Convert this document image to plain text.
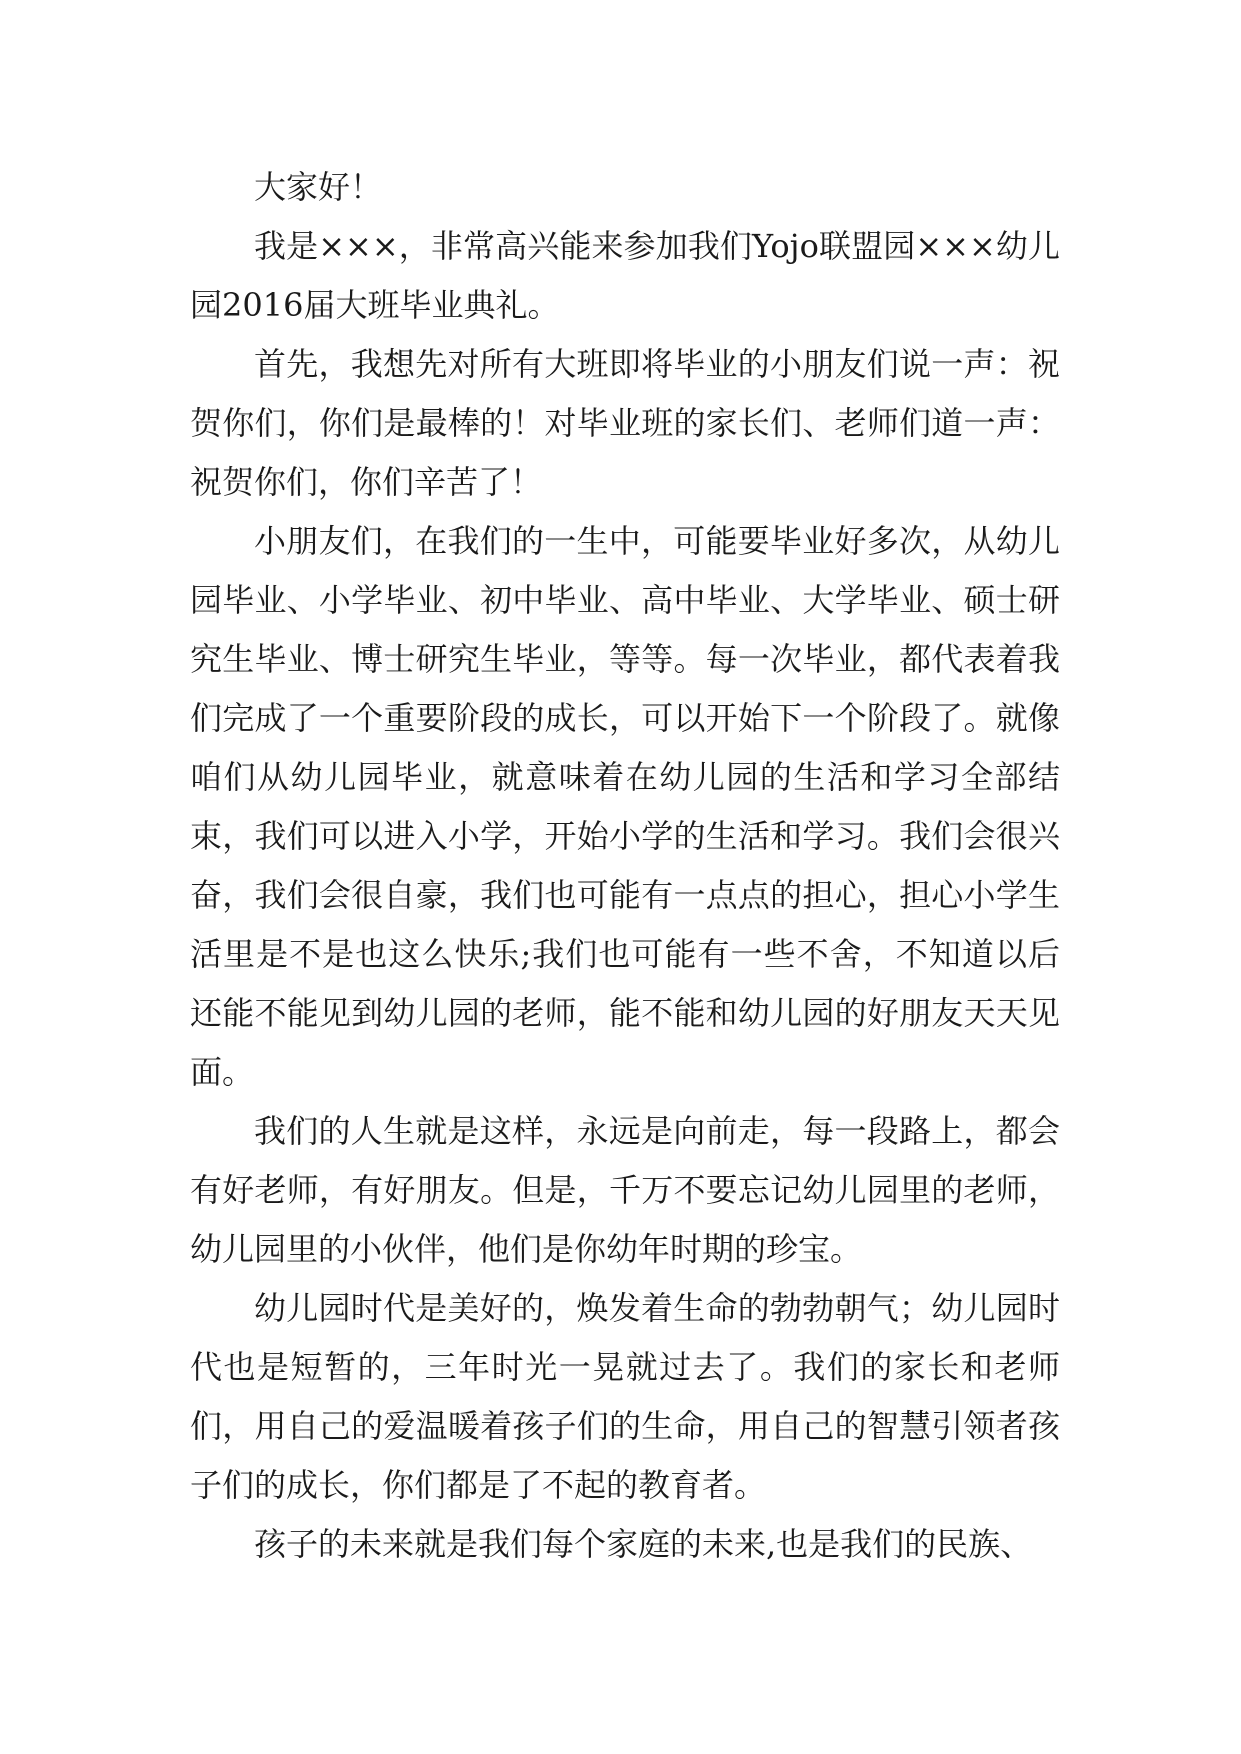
大家好！

我是×××，非常高兴能来参加我们Yojo联盟园×××幼儿园2016届大班毕业典礼。

首先，我想先对所有大班即将毕业的小朋友们说一声：祝贺你们，你们是最棒的！对毕业班的家长们、老师们道一声：祝贺你们，你们辛苦了！

小朋友们，在我们的一生中，可能要毕业好多次，从幼儿园毕业、小学毕业、初中毕业、高中毕业、大学毕业、硕士研究生毕业、博士研究生毕业，等等。每一次毕业，都代表着我们完成了一个重要阶段的成长，可以开始下一个阶段了。就像咱们从幼儿园毕业，就意味着在幼儿园的生活和学习全部结束，我们可以进入小学，开始小学的生活和学习。我们会很兴奋，我们会很自豪，我们也可能有一点点的担心，担心小学生活里是不是也这么快乐;我们也可能有一些不舍，不知道以后还能不能见到幼儿园的老师，能不能和幼儿园的好朋友天天见面。

我们的人生就是这样，永远是向前走，每一段路上，都会有好老师，有好朋友。但是，千万不要忘记幼儿园里的老师，幼儿园里的小伙伴，他们是你幼年时期的珍宝。

幼儿园时代是美好的，焕发着生命的勃勃朝气；幼儿园时代也是短暂的，三年时光一晃就过去了。我们的家长和老师们，用自己的爱温暖着孩子们的生命，用自己的智慧引领者孩子们的成长，你们都是了不起的教育者。

孩子的未来就是我们每个家庭的未来,也是我们的民族、
